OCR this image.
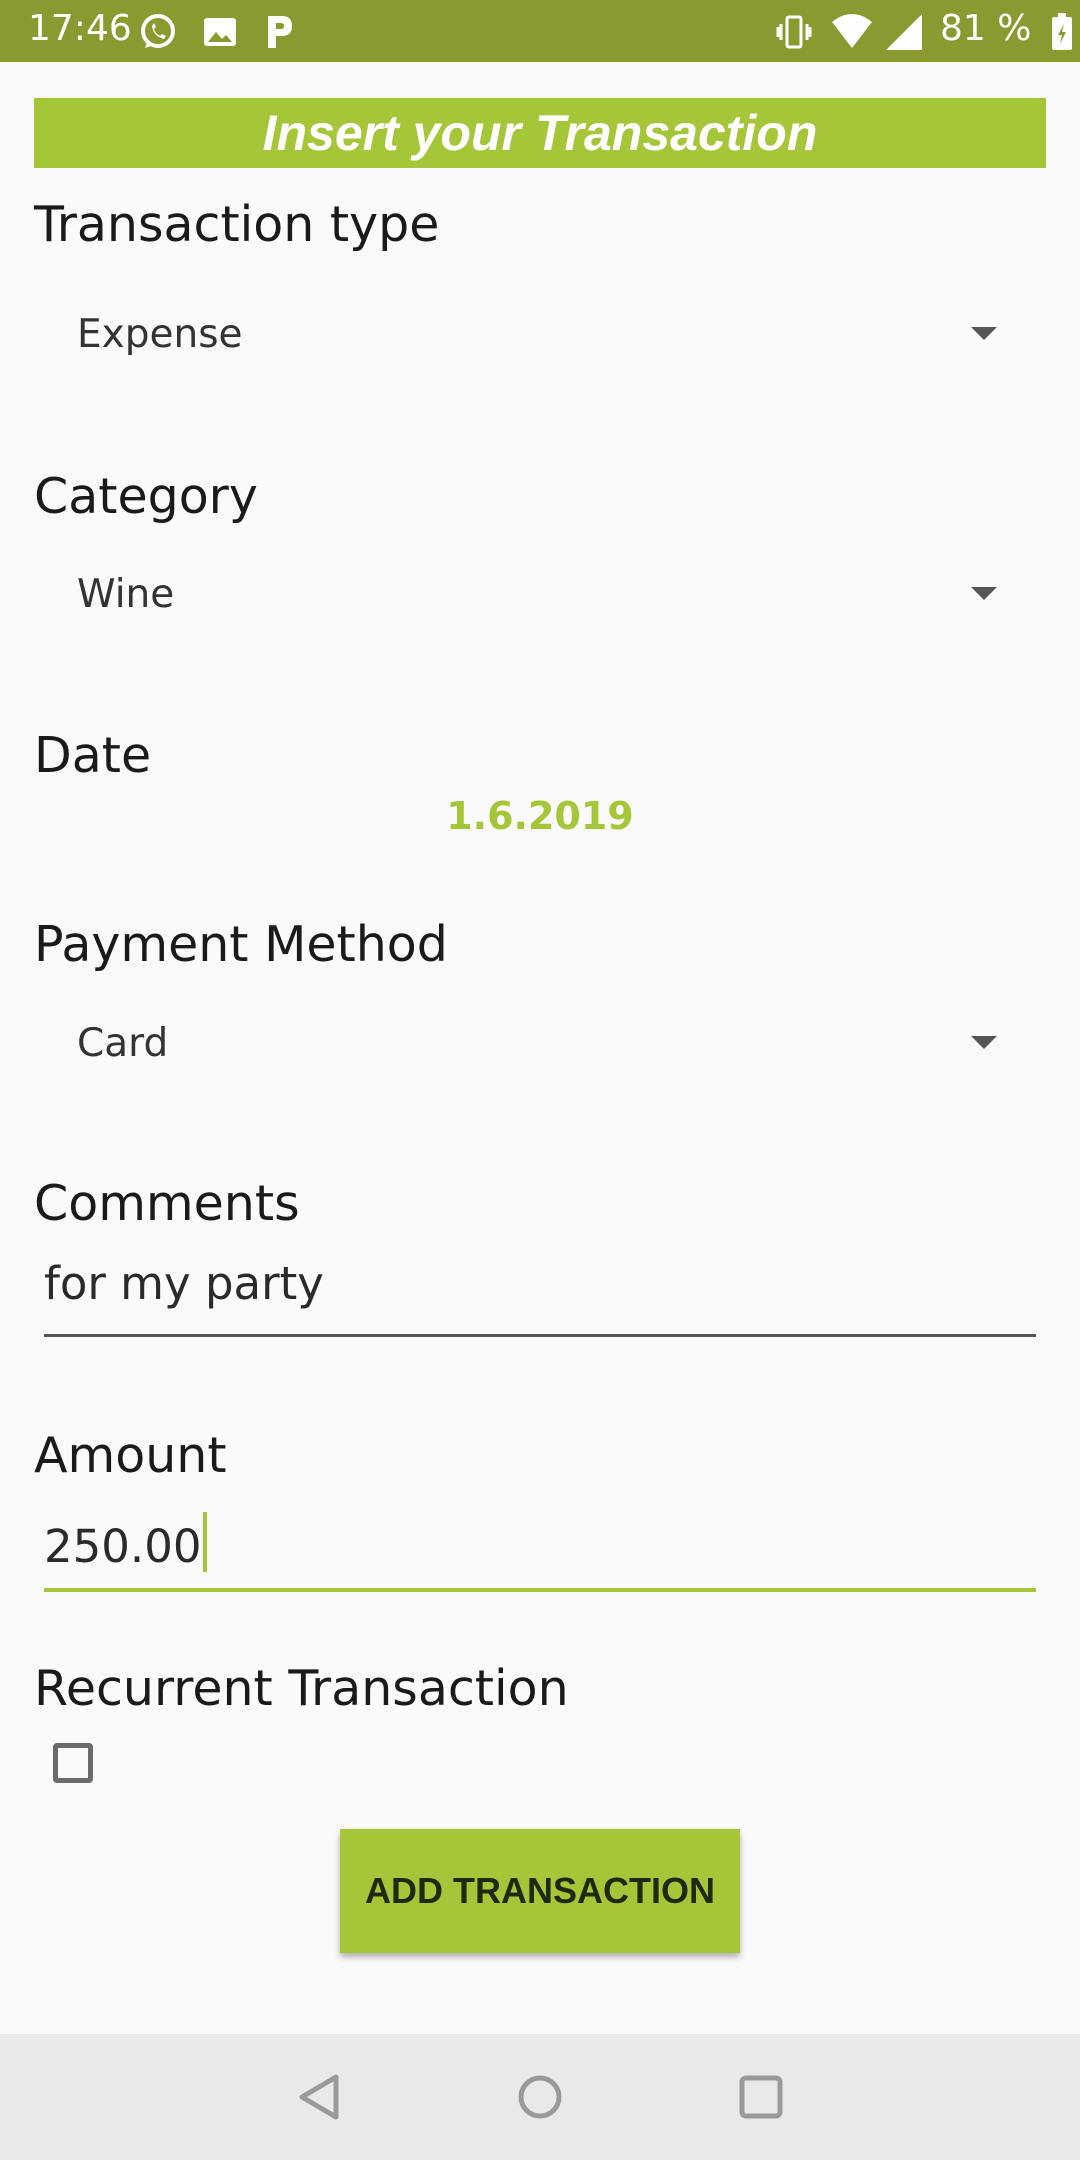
17:46	81 %
Insert your Transaction
Transaction type
Expense
Category
Wine
Date
1.6.2019
Payment Method
Card
Comments
for my party
Amount
250.00
Recurrent Transaction
ADD TRANSACTION
